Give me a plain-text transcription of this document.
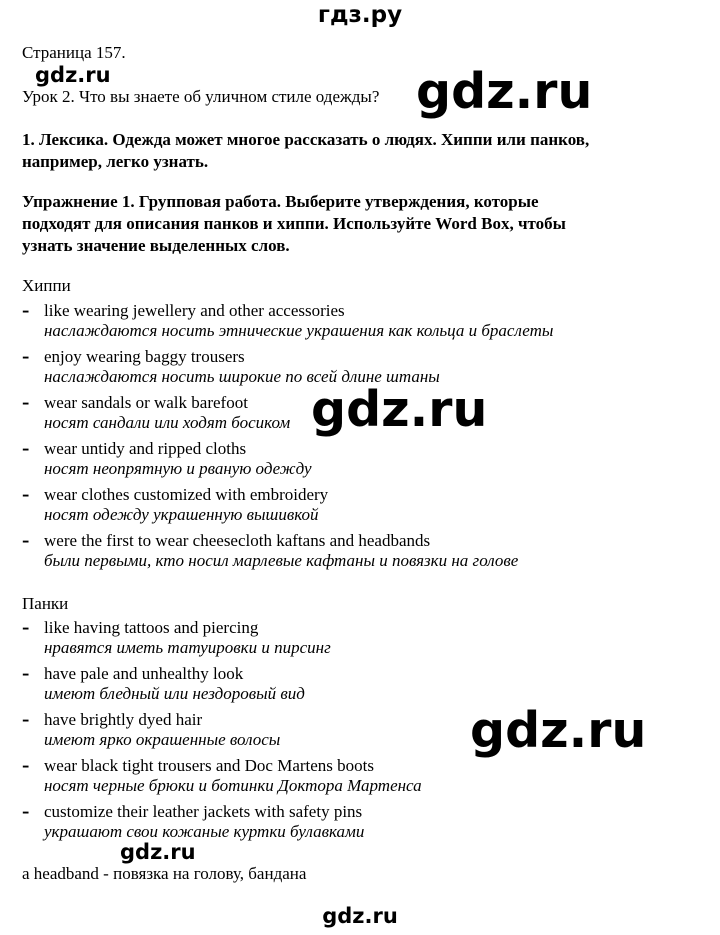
гдз.ру
Страница 157.
Урок 2. Что вы знаете об уличном стиле одежды?
gdz.ru	gdz.ru
gdz.ru
gdz.ru
gdz.ru
1. Лексика. Одежда может многое рассказать о людях. Хиппи или панков,
например, легко узнать.
Упражнение 1. Групповая работа. Выберите утверждения, которые
подходят для описания панков и хиппи. Используйте Word Box, чтобы
узнать значение выделенных слов.
Хиппи
- like wearing jewellery and other accessories
наслаждаются носить этнические украшения как кольца и браслеты
- enjoy wearing baggy trousers
наслаждаются носить широкие по всей длине штаны
- wear sandals or walk barefoot
носят сандали или ходят босиком
- wear untidy and ripped cloths
носят неопрятную и рваную одежду
- wear clothes customized with embroidery
носят одежду украшенную вышивкой
- were the first to wear cheesecloth kaftans and headbands
были первыми, кто носил марлевые кафтаны и повязки на голове
Панки
- like having tattoos and piercing
нравятся иметь татуировки и пирсинг
- have pale and unhealthy look
имеют бледный или нездоровый вид
- have brightly dyed hair
имеют ярко окрашенные волосы
- wear black tight trousers and Doc Martens boots
носят черные брюки и ботинки Доктора Мартенса
- customize their leather jackets with safety pins
украшают свои кожаные куртки булавками
a headband - повязка на голову, бандана
gdz.ru
